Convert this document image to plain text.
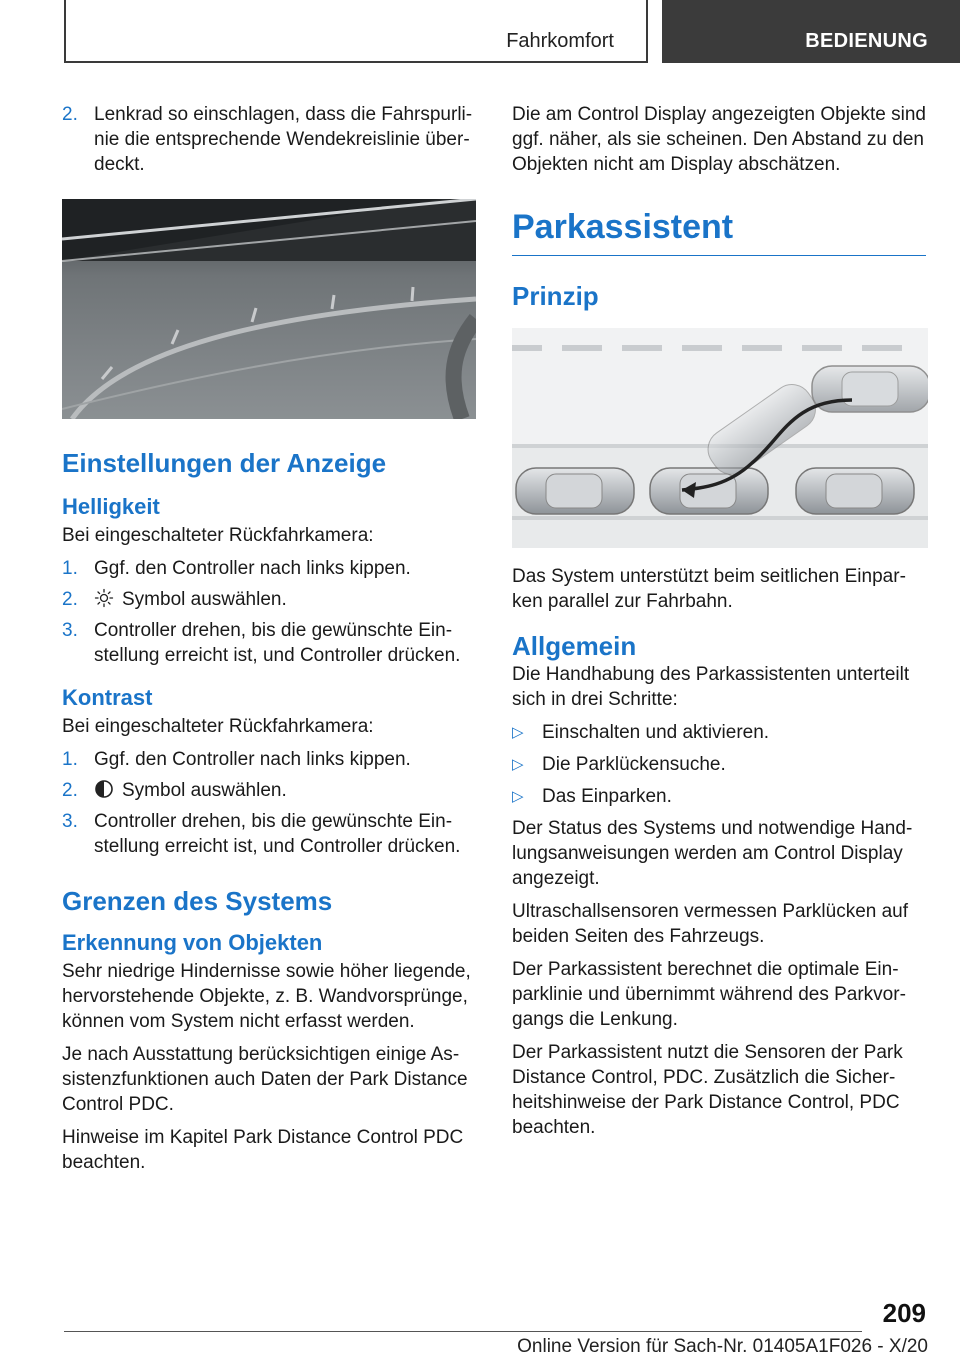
Fahrkomfort	BEDIENUNG
2. Lenkrad so einschlagen, dass die Fahrspurlinie die entsprechende Wendekreislinie überdeckt.
Einstellungen der Anzeige
Helligkeit

Bei eingeschalteter Rückfahrkamera:

1. Ggf. den Controller nach links kippen.
2. Symbol auswählen.
3. Controller drehen, bis die gewünschte Einstellung erreicht ist, und Controller drücken.
Kontrast

Bei eingeschalteter Rückfahrkamera:

1. Ggf. den Controller nach links kippen.
2. Symbol auswählen.
3. Controller drehen, bis die gewünschte Einstellung erreicht ist, und Controller drücken.
Grenzen des Systems
Erkennung von Objekten

Sehr niedrige Hindernisse sowie höher liegende, hervorstehende Objekte, z. B. Wandvorsprünge, können vom System nicht erfasst werden.

Je nach Ausstattung berücksichtigen einige Assistenzfunktionen auch Daten der Park Distance Control PDC.

Hinweise im Kapitel Park Distance Control PDC beachten.

Die am Control Display angezeigten Objekte sind ggf. näher, als sie scheinen. Den Abstand zu den Objekten nicht am Display abschätzen.

Parkassistent
Prinzip

Das System unterstützt beim seitlichen Einparken parallel zur Fahrbahn.

Allgemein

Die Handhabung des Parkassistenten unterteilt sich in drei Schritte:

▷ Einschalten und aktivieren.
▷ Die Parklückensuche.
▷ Das Einparken.

Der Status des Systems und notwendige Handlungsanweisungen werden am Control Display angezeigt.

Ultraschallsensoren vermessen Parklücken auf beiden Seiten des Fahrzeugs.

Der Parkassistent berechnet die optimale Einparklinie und übernimmt während des Parkvorgangs die Lenkung.

Der Parkassistent nutzt die Sensoren der Park Distance Control, PDC. Zusätzlich die Sicherheitshinweise der Park Distance Control, PDC beachten.

209
Online Version für Sach-Nr. 01405A1F026 - X/20
